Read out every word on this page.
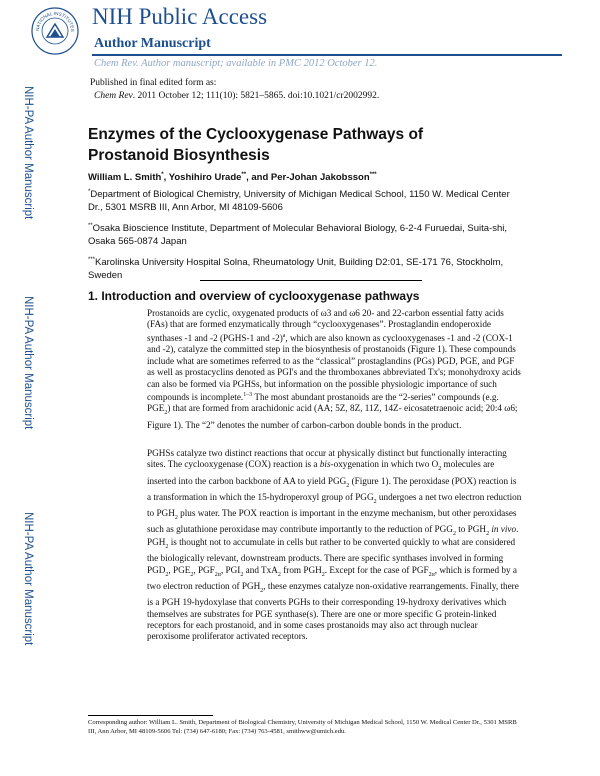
NATIONAL INSTITUTES
NIH Public Access
Author Manuscript
Chem Rev. Author manuscript; available in PMC 2012 October 12.
Published in final edited form as:
Chem Rev. 2011 October 12; 111(10): 5821–5865. doi:10.1021/cr2002992.
NIH-PA Author Manuscript
NIH-PA Author Manuscript
NIH-PA Author Manuscript
Enzymes of the Cyclooxygenase Pathways of Prostanoid Biosynthesis
William L. Smith*, Yoshihiro Urade**, and Per-Johan Jakobsson***
*Department of Biological Chemistry, University of Michigan Medical School, 1150 W. Medical Center Dr., 5301 MSRB III, Ann Arbor, MI 48109-5606
**Osaka Bioscience Institute, Department of Molecular Behavioral Biology, 6-2-4 Furuedai, Suita-shi, Osaka 565-0874 Japan
***Karolinska University Hospital Solna, Rheumatology Unit, Building D2:01, SE-171 76, Stockholm, Sweden
1. Introduction and overview of cyclooxygenase pathways

Prostanoids are cyclic, oxygenated products of ω3 and ω6 20- and 22-carbon essential fatty acids (FAs) that are formed enzymatically through “cyclooxygenases”. Prostaglandin endoperoxide synthases -1 and -2 (PGHS-1 and -2)$^a$, which are also known as cyclooxygenases -1 and -2 (COX-1 and -2), catalyze the committed step in the biosynthesis of prostanoids (Figure 1). These compounds include what are sometimes referred to as the “classical” prostaglandins (PGs) PGD, PGE, and PGF as well as prostacyclins denoted as PGI's and the thromboxanes abbreviated Tx's; monohydroxy acids can also be formed via PGHSs, but information on the possible physiologic importance of such compounds is incomplete.$^{1-3}$ The most abundant prostanoids are the “2-series” compounds (e.g. $PGE_2$) that are formed from arachidonic acid (AA; 5Z, 8Z, 11Z, 14Z- eicosatetraenoic acid; 20:4 ω6; Figure 1). The “2” denotes the number of carbon-carbon double bonds in the product.

PGHSs catalyze two distinct reactions that occur at physically distinct but functionally interacting sites. The cyclooxygenase (COX) reaction is a bis-oxygenation in which two $O_2$ molecules are inserted into the carbon backbone of AA to yield $PGG_2$ (Figure 1). The peroxidase (POX) reaction is a transformation in which the 15-hydroperoxyl group of $PGG_2$ undergoes a net two electron reduction to $PGH_2$ plus water. The POX reaction is important in the enzyme mechanism, but other peroxidases such as glutathione peroxidase may contribute importantly to the reduction of $PGG_2$ to $PGH_2$ in vivo.

$PGH_2$ is thought not to accumulate in cells but rather to be converted quickly to what are considered the biologically relevant, downstream products. There are specific synthases involved in forming $PGD_2$, $PGE_2$, $PGF_{2\alpha}$, $PGI_2$ and TxA$_2$ from $PGH_2$. Except for the case of $PGF_{2\alpha}$, which is formed by a two electron reduction of $PGH_2$, these enzymes catalyze non-oxidative rearrangements. Finally, there is a PGH 19-hydoxylase that converts PGHs to their corresponding 19-hydroxy derivatives which themselves are substrates for PGE synthase(s). There are one or more specific G protein-linked receptors for each prostanoid, and in some cases prostanoids may also act through nuclear peroxisome proliferator activated receptors.

Corresponding author: William L. Smith, Department of Biological Chemistry, University of Michigan Medical School, 1150 W. Medical Center Dr., 5301 MSRB III, Ann Arbor, MI 48109-5606 Tel: (734) 647-6180; Fax: (734) 763-4581, smithww@umich.edu.
